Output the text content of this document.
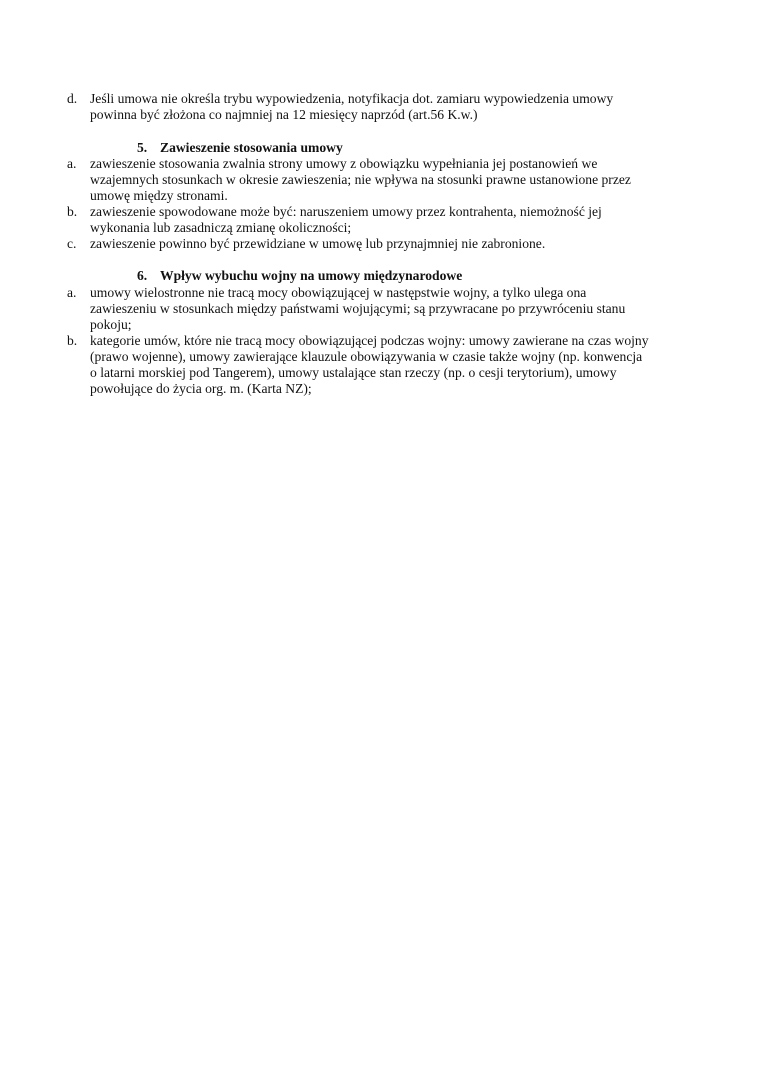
d. Jeśli umowa nie określa trybu wypowiedzenia, notyfikacja dot. zamiaru wypowiedzenia umowy
powinna być złożona co najmniej na 12 miesięcy naprzód (art.56 K.w.)
5. Zawieszenie stosowania umowy
a. zawieszenie stosowania zwalnia strony umowy z obowiązku wypełniania jej postanowień we
wzajemnych stosunkach w okresie zawieszenia; nie wpływa na stosunki prawne ustanowione przez
umowę między stronami.
b. zawieszenie spowodowane może być: naruszeniem umowy przez kontrahenta, niemożność jej
wykonania lub zasadniczą zmianę okoliczności;
c. zawieszenie powinno być przewidziane w umowę lub przynajmniej nie zabronione.
6. Wpływ wybuchu wojny na umowy międzynarodowe
a. umowy wielostronne nie tracą mocy obowiązującej w następstwie wojny, a tylko ulega ona
zawieszeniu w stosunkach między państwami wojującymi; są przywracane po przywróceniu stanu
pokoju;
b. kategorie umów, które nie tracą mocy obowiązującej podczas wojny: umowy zawierane na czas wojny
(prawo wojenne), umowy zawierające klauzule obowiązywania w czasie także wojny (np. konwencja
o latarni morskiej pod Tangerem), umowy ustalające stan rzeczy (np. o cesji terytorium), umowy
powołujące do życia org. m. (Karta NZ);
